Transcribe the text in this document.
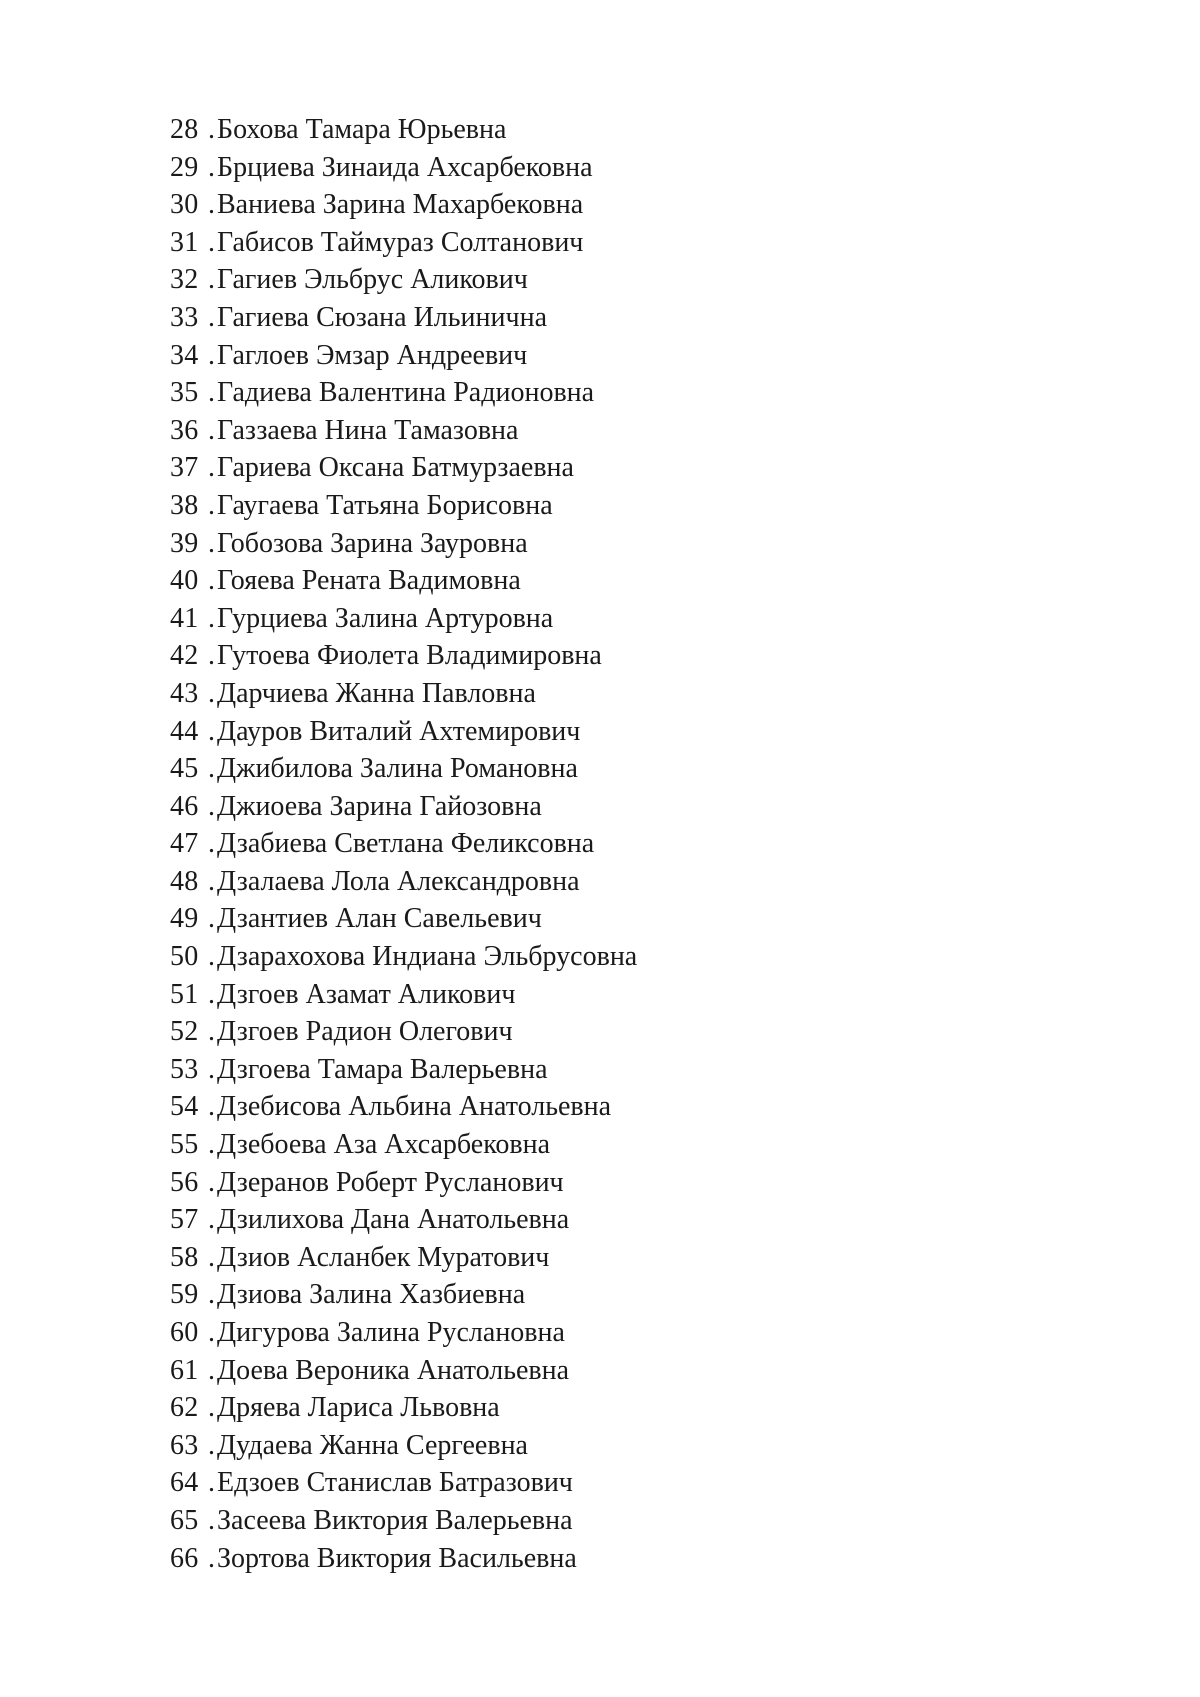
28 . Бохова Тамара Юрьевна
29 . Брциева Зинаида Ахсарбековна
30 . Ваниева Зарина Махарбековна
31 . Габисов Таймураз Солтанович
32 . Гагиев Эльбрус Аликович
33 . Гагиева Сюзана Ильинична
34 . Гаглоев Эмзар Андреевич
35 . Гадиева Валентина Радионовна
36 . Газзаева Нина Тамазовна
37 . Гариева Оксана Батмурзаевна
38 . Гаугаева Татьяна Борисовна
39 . Гобозова Зарина Зауровна
40 . Гояева Рената Вадимовна
41 . Гурциева Залина Артуровна
42 . Гутоева Фиолета Владимировна
43 . Дарчиева Жанна Павловна
44 . Дауров Виталий Ахтемирович
45 . Джибилова Залина Романовна
46 . Джиоева Зарина Гайозовна
47 . Дзабиева Светлана Феликсовна
48 . Дзалаева Лола Александровна
49 . Дзантиев Алан Савельевич
50 . Дзарахохова Индиана Эльбрусовна
51 . Дзгоев Азамат Аликович
52 . Дзгоев Радион Олегович
53 . Дзгоева Тамара Валерьевна
54 . Дзебисова Альбина Анатольевна
55 . Дзебоева Аза Ахсарбековна
56 . Дзеранов Роберт Русланович
57 . Дзилихова Дана Анатольевна
58 . Дзиов Асланбек Муратович
59 . Дзиова Залина Хазбиевна
60 . Дигурова Залина Руслановна
61 . Доева Вероника Анатольевна
62 . Дряева Лариса Львовна
63 . Дудаева Жанна Сергеевна
64 . Едзоев Станислав Батразович
65 . Засеева Виктория Валерьевна
66 . Зортова Виктория Васильевна
